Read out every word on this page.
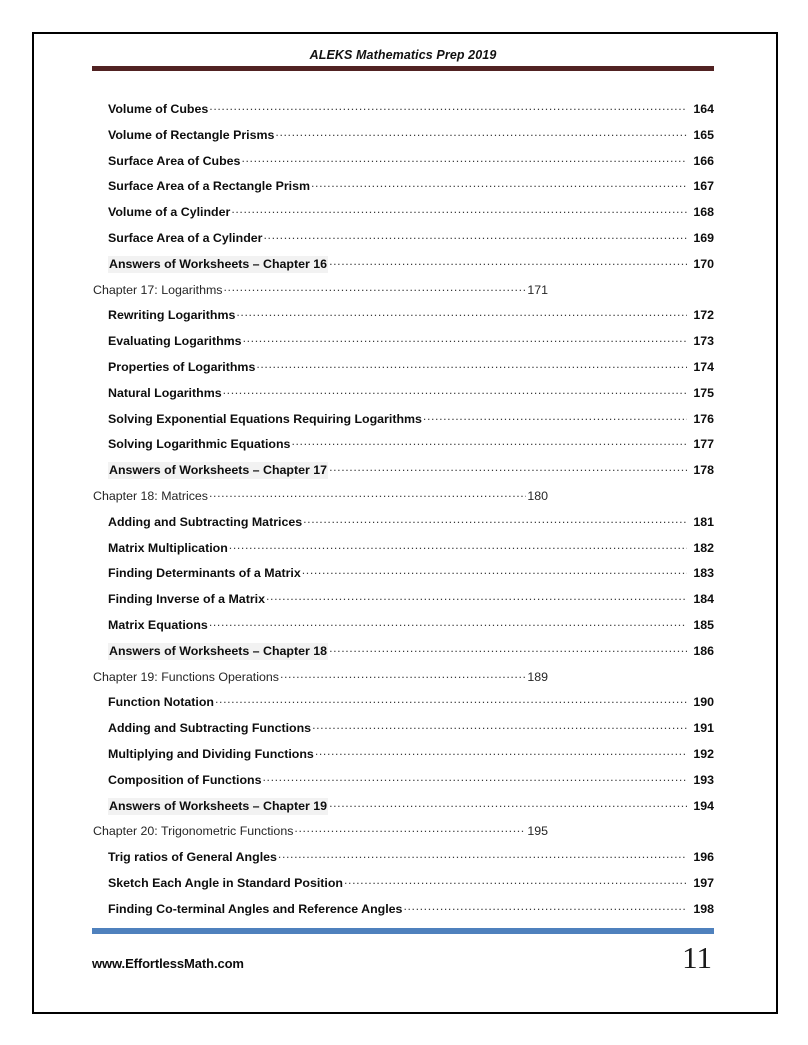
ALEKS Mathematics Prep 2019
Volume of Cubes .....	164
Volume of Rectangle Prisms .....	165
Surface Area of Cubes .....	166
Surface Area of a Rectangle Prism .....	167
Volume of a Cylinder .....	168
Surface Area of a Cylinder .....	169
Answers of Worksheets – Chapter 16 .....	170
Chapter 17: Logarithms .....	171
Rewriting Logarithms .....	172
Evaluating Logarithms .....	173
Properties of Logarithms .....	174
Natural Logarithms .....	175
Solving Exponential Equations Requiring Logarithms .....	176
Solving Logarithmic Equations .....	177
Answers of Worksheets – Chapter 17 .....	178
Chapter 18: Matrices .....	180
Adding and Subtracting Matrices .....	181
Matrix Multiplication .....	182
Finding Determinants of a Matrix .....	183
Finding Inverse of a Matrix .....	184
Matrix Equations .....	185
Answers of Worksheets – Chapter 18 .....	186
Chapter 19: Functions Operations .....	189
Function Notation .....	190
Adding and Subtracting Functions .....	191
Multiplying and Dividing Functions .....	192
Composition of Functions .....	193
Answers of Worksheets – Chapter 19 .....	194
Chapter 20: Trigonometric Functions .....	195
Trig ratios of General Angles .....	196
Sketch Each Angle in Standard Position .....	197
Finding Co-terminal Angles and Reference Angles .....	198
www.EffortlessMath.com	11
